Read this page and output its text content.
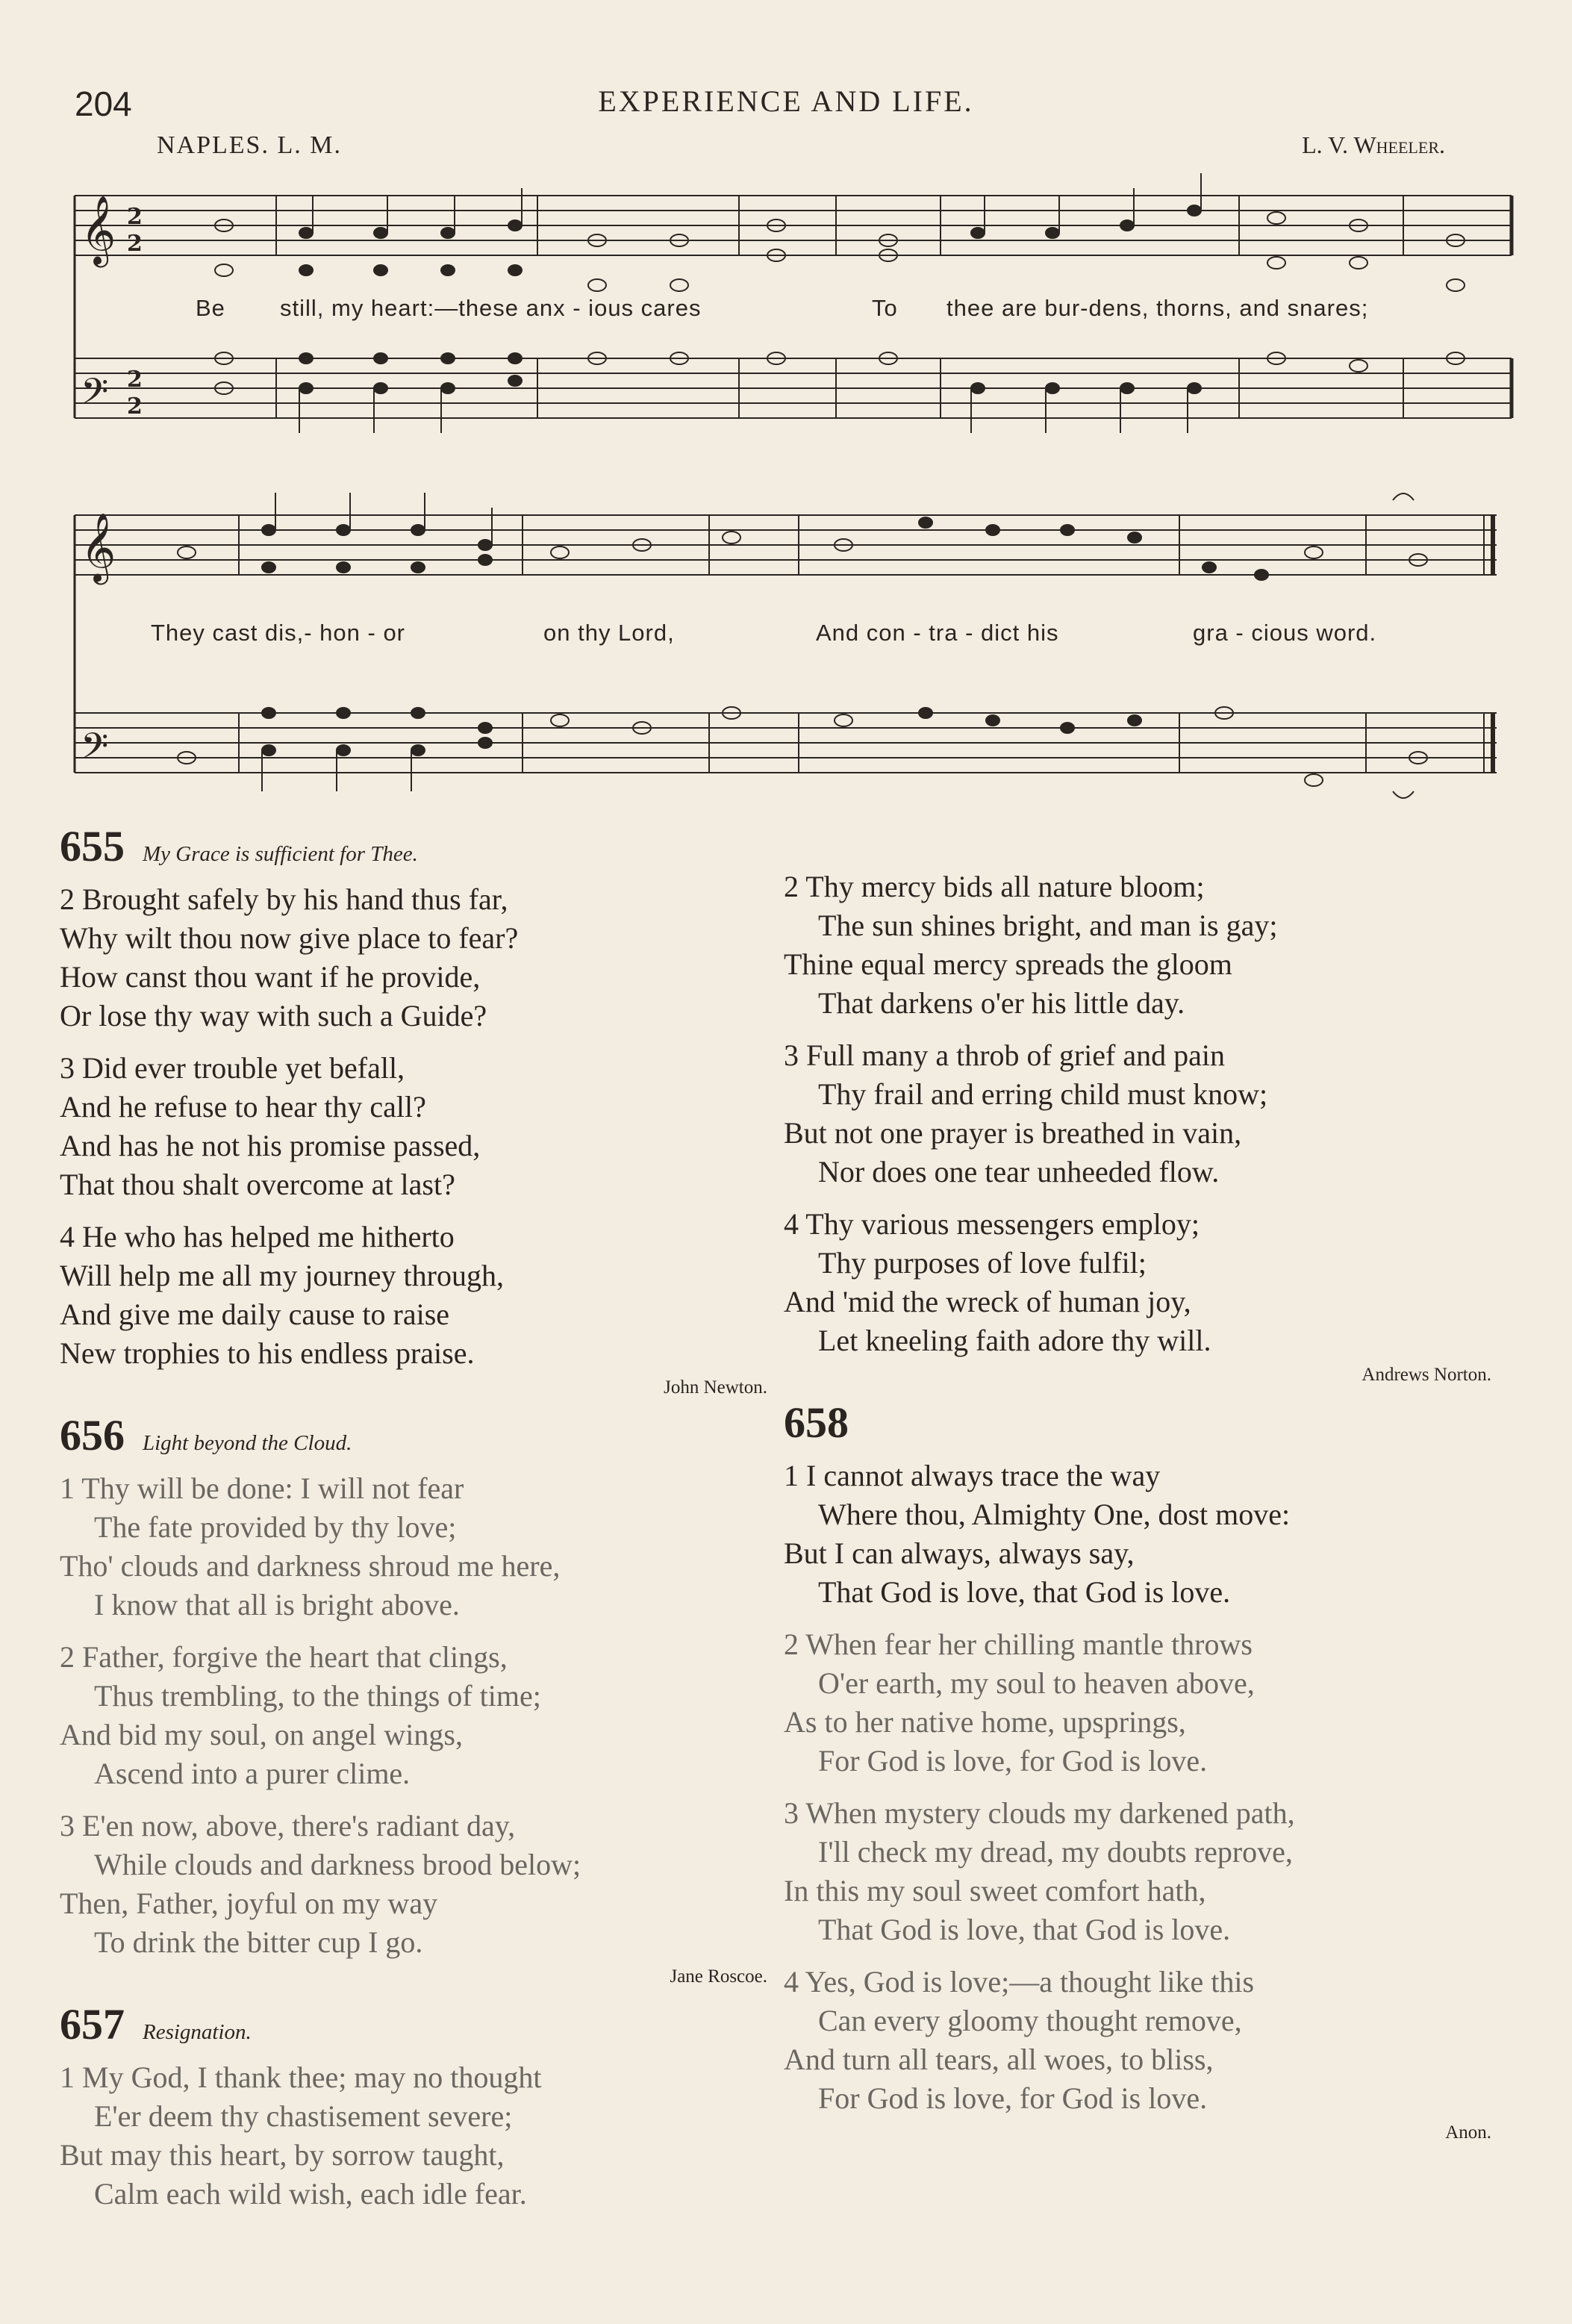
204	EXPERIENCE AND LIFE.
NAPLES. L. M.	L. V. Wheeler.
𝄞
𝄢
𝄞
𝄢
2
2
2
2
Be still, my heart:—these anx - ious cares	To thee are bur-dens, thorns, and snares;
They cast dis,- hon - or	on thy Lord,	And con - tra - dict his	gra - cious word.
655 My Grace is sufficient for Thee.
2 Brought safely by his hand thus far,
Why wilt thou now give place to fear?
How canst thou want if he provide,
Or lose thy way with such a Guide?
3 Did ever trouble yet befall,
And he refuse to hear thy call?
And has he not his promise passed,
That thou shalt overcome at last?
4 He who has helped me hitherto
Will help me all my journey through,
And give me daily cause to raise
New trophies to his endless praise.
John Newton.
656 Light beyond the Cloud.
1 Thy will be done: I will not fear
The fate provided by thy love;
Tho' clouds and darkness shroud me here,
I know that all is bright above.
2 Father, forgive the heart that clings,
Thus trembling, to the things of time;
And bid my soul, on angel wings,
Ascend into a purer clime.
3 E'en now, above, there's radiant day,
While clouds and darkness brood below;
Then, Father, joyful on my way
To drink the bitter cup I go.
Jane Roscoe.
657 Resignation.
1 My God, I thank thee; may no thought
E'er deem thy chastisement severe;
But may this heart, by sorrow taught,
Calm each wild wish, each idle fear.
2 Thy mercy bids all nature bloom;
The sun shines bright, and man is gay;
Thine equal mercy spreads the gloom
That darkens o'er his little day.
3 Full many a throb of grief and pain
Thy frail and erring child must know;
But not one prayer is breathed in vain,
Nor does one tear unheeded flow.
4 Thy various messengers employ;
Thy purposes of love fulfil;
And 'mid the wreck of human joy,
Let kneeling faith adore thy will.
Andrews Norton.
658
1 I cannot always trace the way
Where thou, Almighty One, dost move:
But I can always, always say,
That God is love, that God is love.
2 When fear her chilling mantle throws
O'er earth, my soul to heaven above,
As to her native home, upsprings,
For God is love, for God is love.
3 When mystery clouds my darkened path,
I'll check my dread, my doubts reprove,
In this my soul sweet comfort hath,
That God is love, that God is love.
4 Yes, God is love;—a thought like this
Can every gloomy thought remove,
And turn all tears, all woes, to bliss,
For God is love, for God is love.
Anon.
